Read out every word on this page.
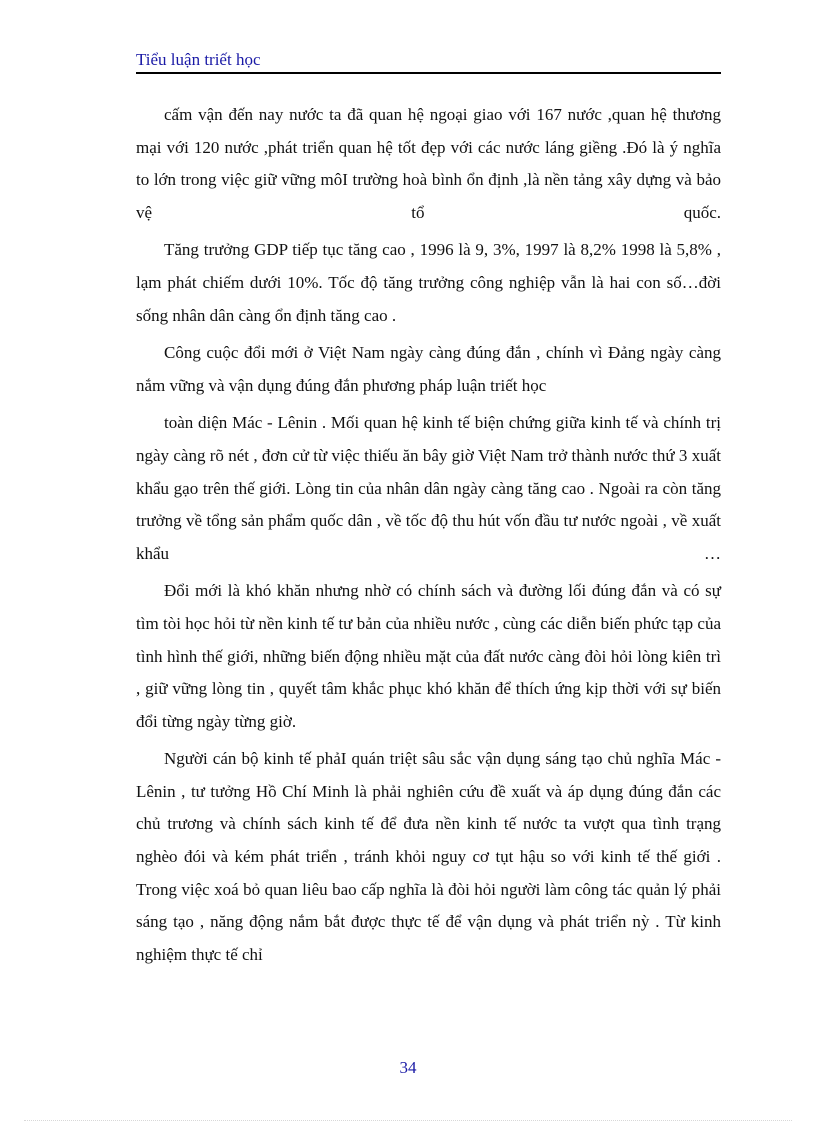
Tiểu luận triết học

cấm vận đến nay nước ta đã quan hệ ngoại giao với 167 nước ,quan hệ thương mại với 120 nước ,phát triển quan hệ tốt đẹp với các nước láng giềng .Đó là ý nghĩa to lớn trong việc giữ vững môI trường hoà bình ổn định ,là nền tảng xây dựng và bảo vệ tổ quốc.

Tăng trưởng GDP tiếp tục tăng cao , 1996 là 9, 3%, 1997 là 8,2% 1998 là 5,8% , lạm phát chiếm dưới 10%. Tốc độ tăng trưởng công nghiệp vẫn là hai con số…đời sống nhân dân càng ổn định tăng cao .

Công cuộc đổi mới ở Việt Nam ngày càng đúng đắn , chính vì Đảng ngày càng nắm vững và vận dụng đúng đắn phương pháp luận triết học

toàn diện Mác - Lênin . Mối quan hệ kinh tế biện chứng giữa kinh tế và chính trị ngày càng rõ nét , đơn cử từ việc thiếu ăn bây giờ Việt Nam trở thành nước thứ 3 xuất khẩu gạo trên thế giới. Lòng tin của nhân dân ngày càng tăng cao . Ngoài ra còn tăng trưởng về tổng sản phẩm quốc dân , về tốc độ thu hút vốn đầu tư nước ngoài , về xuất khẩu …

Đổi mới là khó khăn nhưng nhờ có chính sách và đường lối đúng đắn và có sự tìm tòi học hỏi từ nền kinh tế tư bản của nhiều nước , cùng các diễn biến phức tạp của tình hình thế giới, những biến động nhiều mặt của đất nước càng đòi hỏi lòng kiên trì , giữ vững lòng tin , quyết tâm khắc phục khó khăn để thích ứng kịp thời với sự biến đổi từng ngày từng giờ.

Người cán bộ kinh tế phảI quán triệt sâu sắc vận dụng sáng tạo chủ nghĩa Mác - Lênin , tư tưởng Hồ Chí Minh là phải nghiên cứu đề xuất và áp dụng đúng đắn các chủ trương và chính sách kinh tế để đưa nền kinh tế nước ta vượt qua tình trạng nghèo đói và kém phát triển , tránh khỏi nguy cơ tụt hậu so với kinh tế thế giới . Trong việc xoá bỏ quan liêu bao cấp nghĩa là đòi hỏi người làm công tác quản lý phải sáng tạo , năng động nắm bắt được thực tế để vận dụng và phát triển nỳ . Từ kinh nghiệm thực tế chỉ

34
